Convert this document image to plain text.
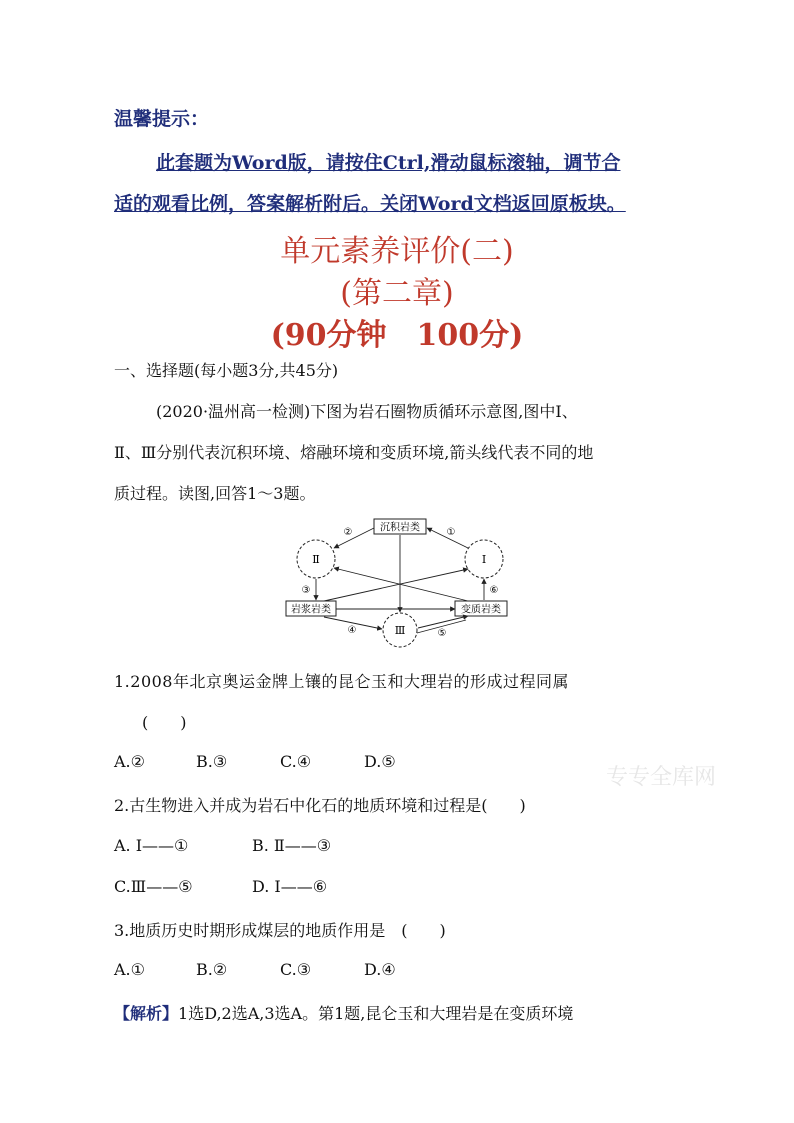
温馨提示：
此套题为Word版，请按住Ctrl,滑动鼠标滚轴，调节合
适的观看比例，答案解析附后。关闭Word文档返回原板块。
单元素养评价(二)
(第二章)
(90分钟　100分)
一、选择题(每小题3分,共45分)
(2020·温州高一检测)下图为岩石圈物质循环示意图,图中Ⅰ、
Ⅱ、Ⅲ分别代表沉积环境、熔融环境和变质环境,箭头线代表不同的地
质过程。读图,回答1～3题。
Ⅱ	Ⅰ
Ⅲ
沉积岩类
岩浆岩类	变质岩类
①
②
③
④	⑤
⑥
1.2008年北京奥运金牌上镶的昆仑玉和大理岩的形成过程同属
(　　)
A.②	B.③	C.④	D.⑤
专专全库网
2.古生物进入并成为岩石中化石的地质环境和过程是(　　)
A. Ⅰ——①	B. Ⅱ——③
C.Ⅲ——⑤	D. Ⅰ——⑥
3.地质历史时期形成煤层的地质作用是　(　　)
A.①	B.②	C.③	D.④
【解析】1选D,2选A,3选A。第1题,昆仑玉和大理岩是在变质环境
